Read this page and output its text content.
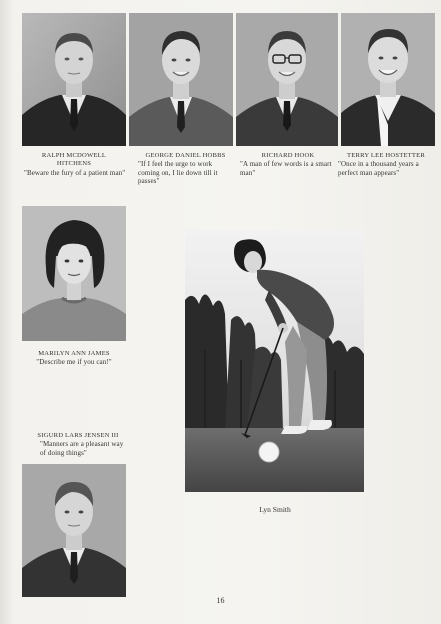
RALPH MCDOWELL
HITCHENS
"Beware the fury of a patient man"
GEORGE DANIEL HOBBS
"If I feel the urge to work coming on, I lie down till it passes"
RICHARD HOOK
"A man of few words is a smart man"
TERRY LEE HOSTETTER
"Once in a thousand years a perfect man appears"
MARILYN ANN JAMES
"Describe me if you can!"
SIGURD LARS JENSEN III
"Manners are a pleasant way of doing things"
Lyn Smith
16
